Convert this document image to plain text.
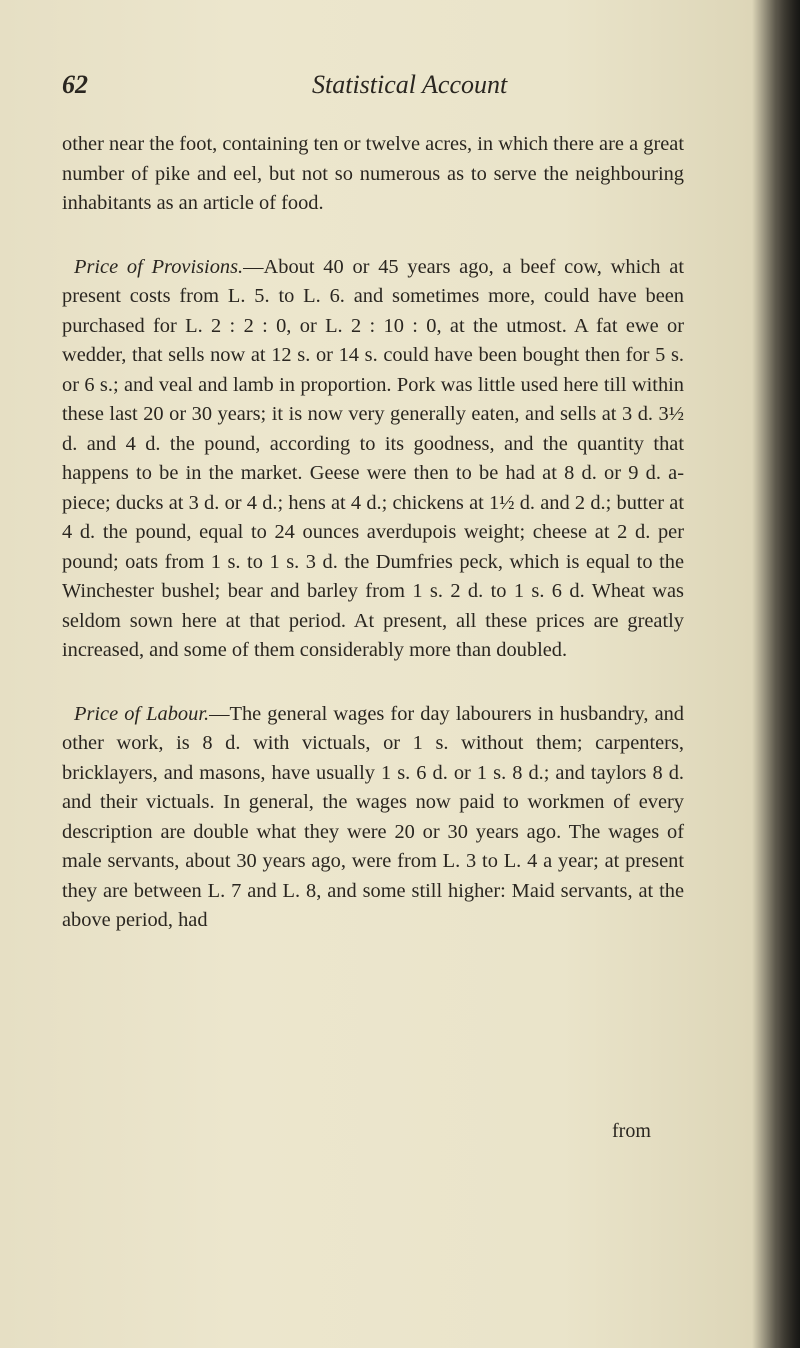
62	Statistical Account

other near the foot, containing ten or twelve acres, in which there are a great number of pike and eel, but not so numerous as to serve the neighbouring inhabitants as an article of food.

Price of Provisions.—About 40 or 45 years ago, a beef cow, which at present costs from L. 5. to L. 6. and sometimes more, could have been purchased for L. 2 : 2 : 0, or L. 2 : 10 : 0, at the utmost. A fat ewe or wedder, that sells now at 12 s. or 14 s. could have been bought then for 5 s. or 6 s.; and veal and lamb in proportion. Pork was little used here till within these last 20 or 30 years; it is now very generally eaten, and sells at 3 d. 3½ d. and 4 d. the pound, according to its goodness, and the quantity that happens to be in the market. Geese were then to be had at 8 d. or 9 d. a-piece; ducks at 3 d. or 4 d.; hens at 4 d.; chickens at 1½ d. and 2 d.; butter at 4 d. the pound, equal to 24 ounces averdupois weight; cheese at 2 d. per pound; oats from 1 s. to 1 s. 3 d. the Dumfries peck, which is equal to the Winchester bushel; bear and barley from 1 s. 2 d. to 1 s. 6 d. Wheat was seldom sown here at that period. At present, all these prices are greatly increased, and some of them considerably more than doubled.

Price of Labour.—The general wages for day labourers in husbandry, and other work, is 8 d. with victuals, or 1 s. without them; carpenters, bricklayers, and masons, have usually 1 s. 6 d. or 1 s. 8 d.; and taylors 8 d. and their victuals. In general, the wages now paid to workmen of every description are double what they were 20 or 30 years ago. The wages of male servants, about 30 years ago, were from L. 3 to L. 4 a year; at present they are between L. 7 and L. 8, and some still higher: Maid servants, at the above period, had

from
